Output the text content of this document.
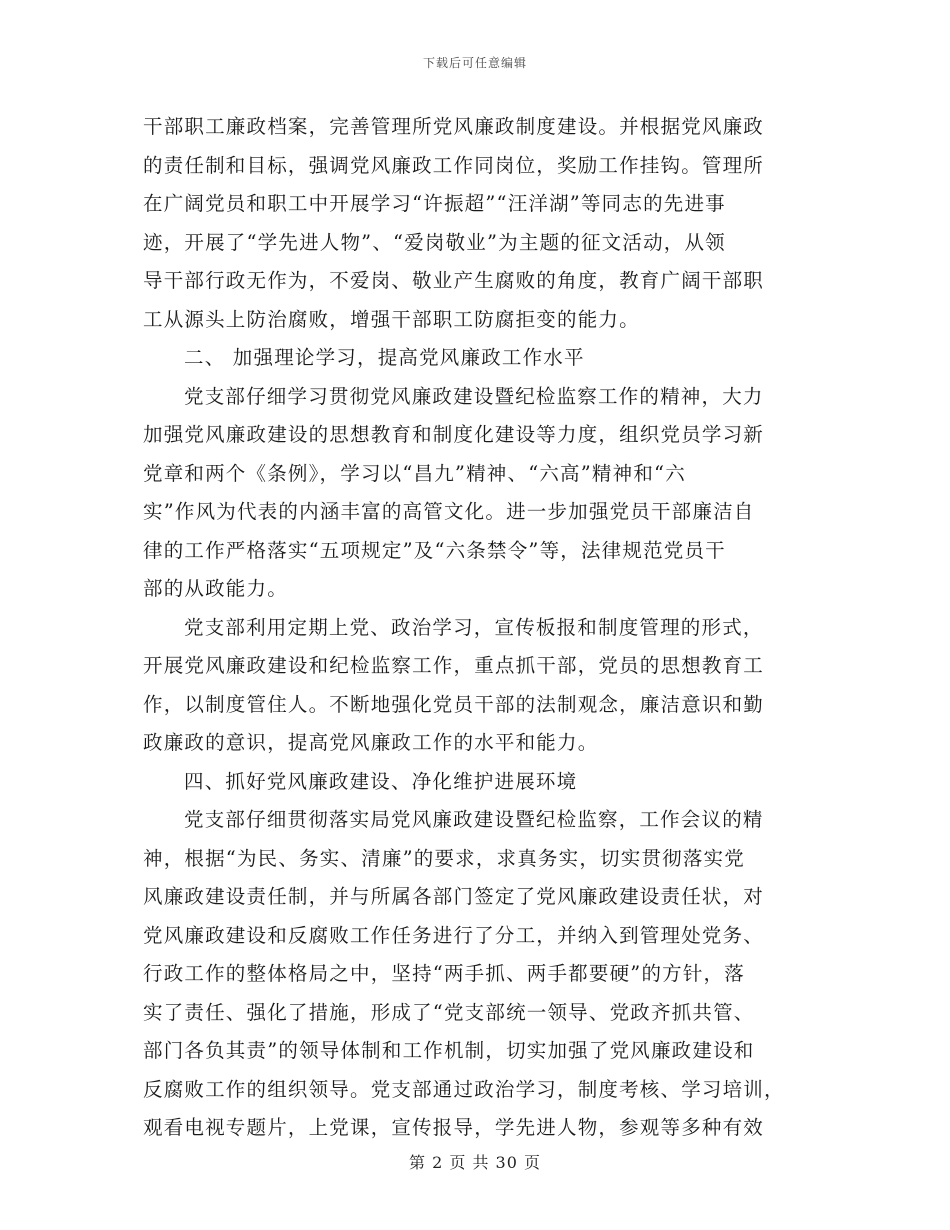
下载后可任意编辑
干部职工廉政档案，完善管理所党风廉政制度建设。并根据党风廉政
的责任制和目标，强调党风廉政工作同岗位，奖励工作挂钩。管理所
在广阔党员和职工中开展学习“许振超”“汪洋湖”等同志的先进事
迹，开展了“学先进人物”、“爱岗敬业”为主题的征文活动，从领
导干部行政无作为，不爱岗、敬业产生腐败的角度，教育广阔干部职
工从源头上防治腐败，增强干部职工防腐拒变的能力。
二、 加强理论学习，提高党风廉政工作水平
党支部仔细学习贯彻党风廉政建设暨纪检监察工作的精神，大力
加强党风廉政建设的思想教育和制度化建设等力度，组织党员学习新
党章和两个《条例》，学习以“昌九”精神、“六高”精神和“六
实”作风为代表的内涵丰富的高管文化。进一步加强党员干部廉洁自
律的工作严格落实“五项规定”及“六条禁令”等，法律规范党员干
部的从政能力。
党支部利用定期上党、政治学习，宣传板报和制度管理的形式，
开展党风廉政建设和纪检监察工作，重点抓干部，党员的思想教育工
作，以制度管住人。不断地强化党员干部的法制观念，廉洁意识和勤
政廉政的意识，提高党风廉政工作的水平和能力。
四、抓好党风廉政建设、净化维护进展环境
党支部仔细贯彻落实局党风廉政建设暨纪检监察，工作会议的精
神，根据“为民、务实、清廉”的要求，求真务实，切实贯彻落实党
风廉政建设责任制，并与所属各部门签定了党风廉政建设责任状，对
党风廉政建设和反腐败工作任务进行了分工，并纳入到管理处党务、
行政工作的整体格局之中，坚持“两手抓、两手都要硬”的方针，落
实了责任、强化了措施，形成了“党支部统一领导、党政齐抓共管、
部门各负其责”的领导体制和工作机制，切实加强了党风廉政建设和
反腐败工作的组织领导。党支部通过政治学习，制度考核、学习培训，
观看电视专题片，上党课，宣传报导，学先进人物，参观等多种有效
第 2 页 共 30 页
